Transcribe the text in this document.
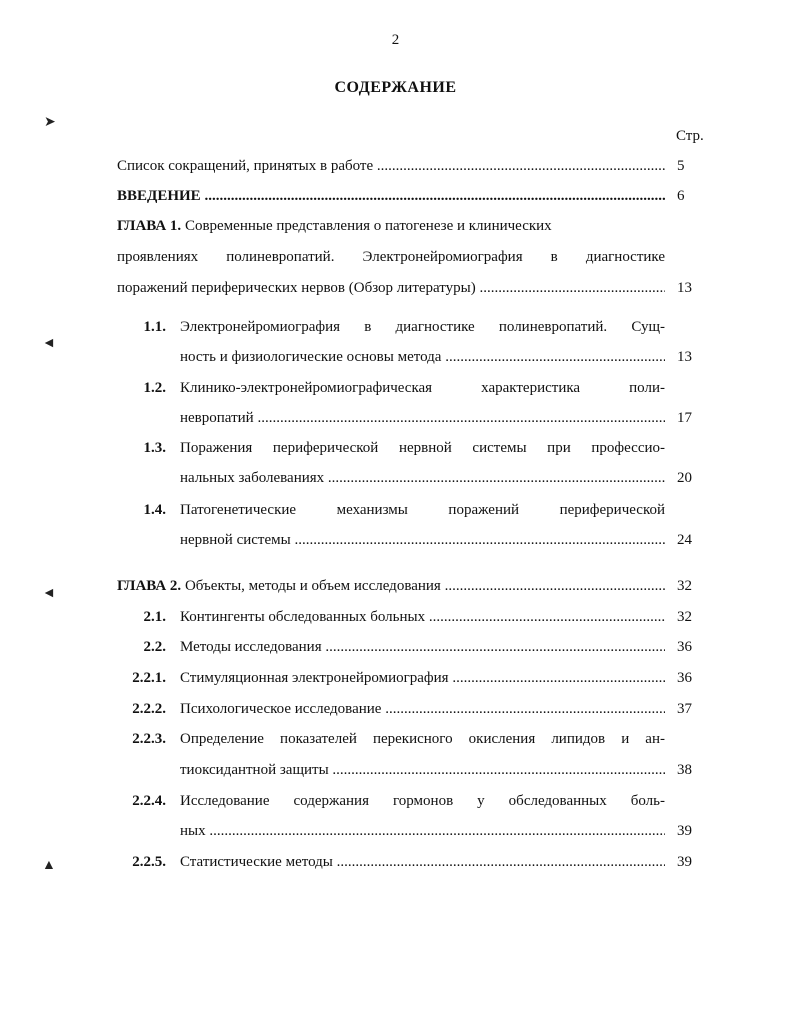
2
СОДЕРЖАНИЕ
Стр.
Список сокращений, принятых в работе .....	5
ВВЕДЕНИЕ .....	6
ГЛАВА 1. Современные представления о патогенезе и клинических
проявлениях полиневропатий. Электронейромиография в диагностике
поражений периферических нервов (Обзор литературы) .....	13
1.1. Электронейромиография в диагностике полиневропатий. Сущ-
ность и физиологические основы метода .....	13
1.2. Клинико-электронейромиографическая характеристика поли-
невропатий .....	17
1.3. Поражения периферической нервной системы при профессио-
нальных заболеваниях .....	20
1.4. Патогенетические механизмы поражений периферической
нервной системы .....	24
ГЛАВА 2. Объекты, методы и объем исследования .....	32
2.1. Контингенты обследованных больных .....	32
2.2. Методы исследования .....	36
2.2.1. Стимуляционная электронейромиография .....	36
2.2.2. Психологическое исследование .....	37
2.2.3. Определение показателей перекисного окисления липидов и ан-
тиоксидантной защиты .....	38
2.2.4. Исследование содержания гормонов у обследованных боль-
ных .....	39
2.2.5. Статистические методы .....	39
➤
◄
◄
▲
